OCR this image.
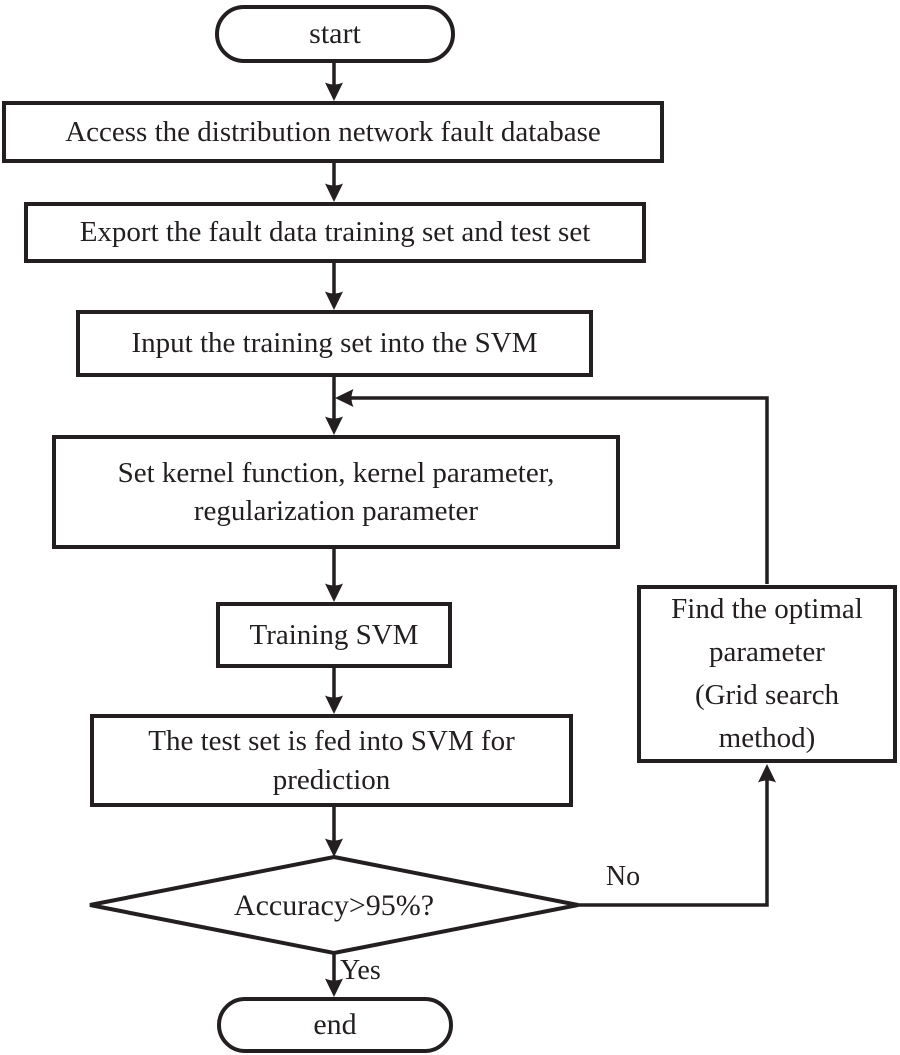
start
Access the distribution network fault database
Export the fault data training set and test set
Input the training set into the SVM
Set kernel function, kernel parameter,
regularization parameter
Training SVM
The test set is fed into SVM for
prediction
Find the optimal
parameter
(Grid search
method)
Accuracy>95%?
No
Yes
end
